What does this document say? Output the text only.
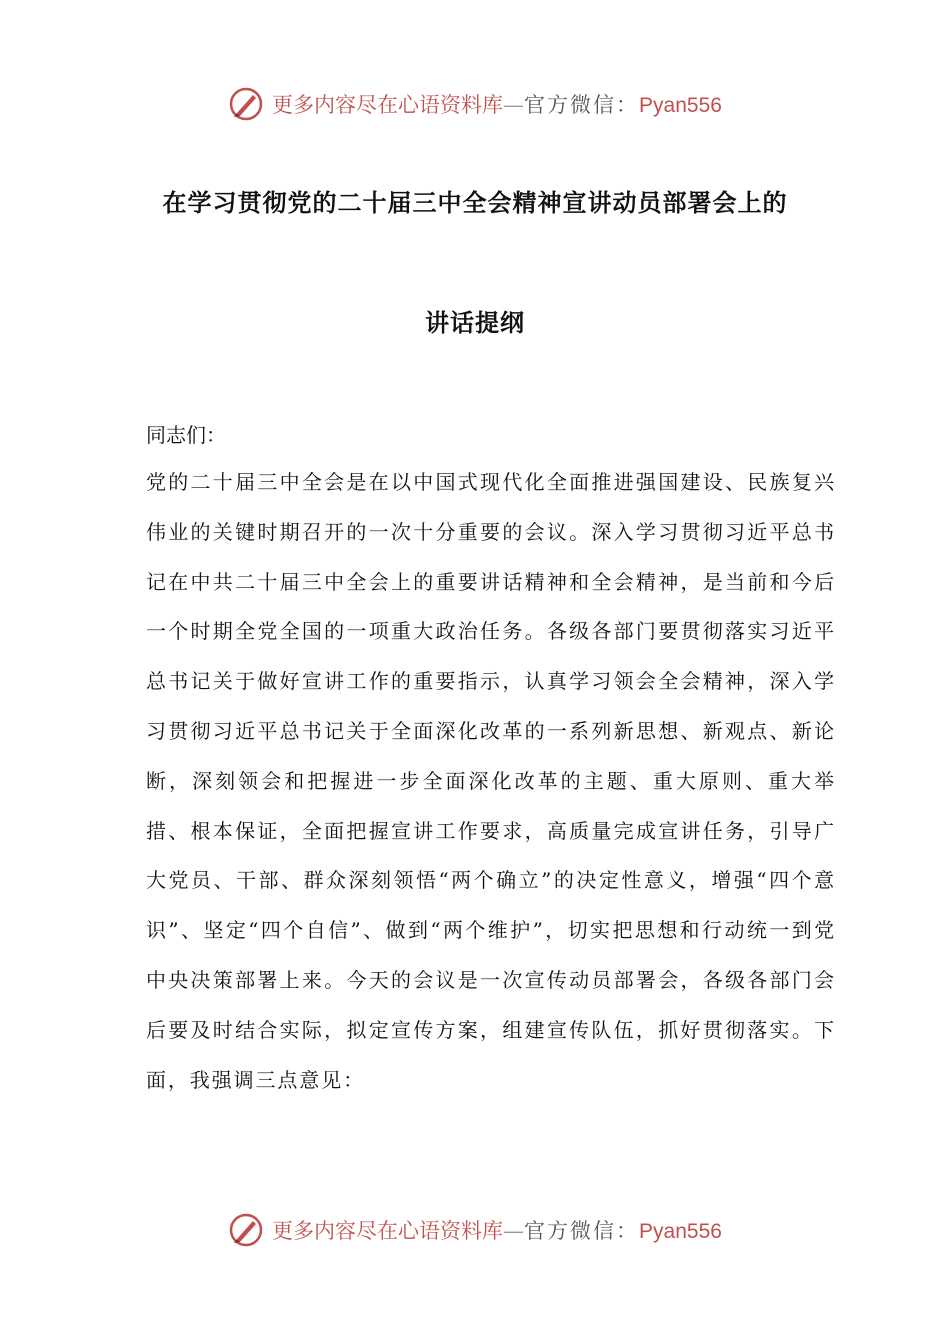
更多内容尽在心语资料库—官方微信：Pyan556
在学习贯彻党的二十届三中全会精神宣讲动员部署会上的
讲话提纲
同志们：

党的二十届三中全会是在以中国式现代化全面推进强国建设、民族复兴伟业的关键时期召开的一次十分重要的会议。深入学习贯彻习近平总书记在中共二十届三中全会上的重要讲话精神和全会精神，是当前和今后一个时期全党全国的一项重大政治任务。各级各部门要贯彻落实习近平总书记关于做好宣讲工作的重要指示，认真学习领会全会精神，深入学习贯彻习近平总书记关于全面深化改革的一系列新思想、新观点、新论断，深刻领会和把握进一步全面深化改革的主题、重大原则、重大举措、根本保证，全面把握宣讲工作要求，高质量完成宣讲任务，引导广大党员、干部、群众深刻领悟“两个确立”的决定性意义，增强“四个意识”、坚定“四个自信”、做到“两个维护”，切实把思想和行动统一到党中央决策部署上来。今天的会议是一次宣传动员部署会，各级各部门会后要及时结合实际，拟定宣传方案，组建宣传队伍，抓好贯彻落实。下面，我强调三点意见：

更多内容尽在心语资料库—官方微信：Pyan556
